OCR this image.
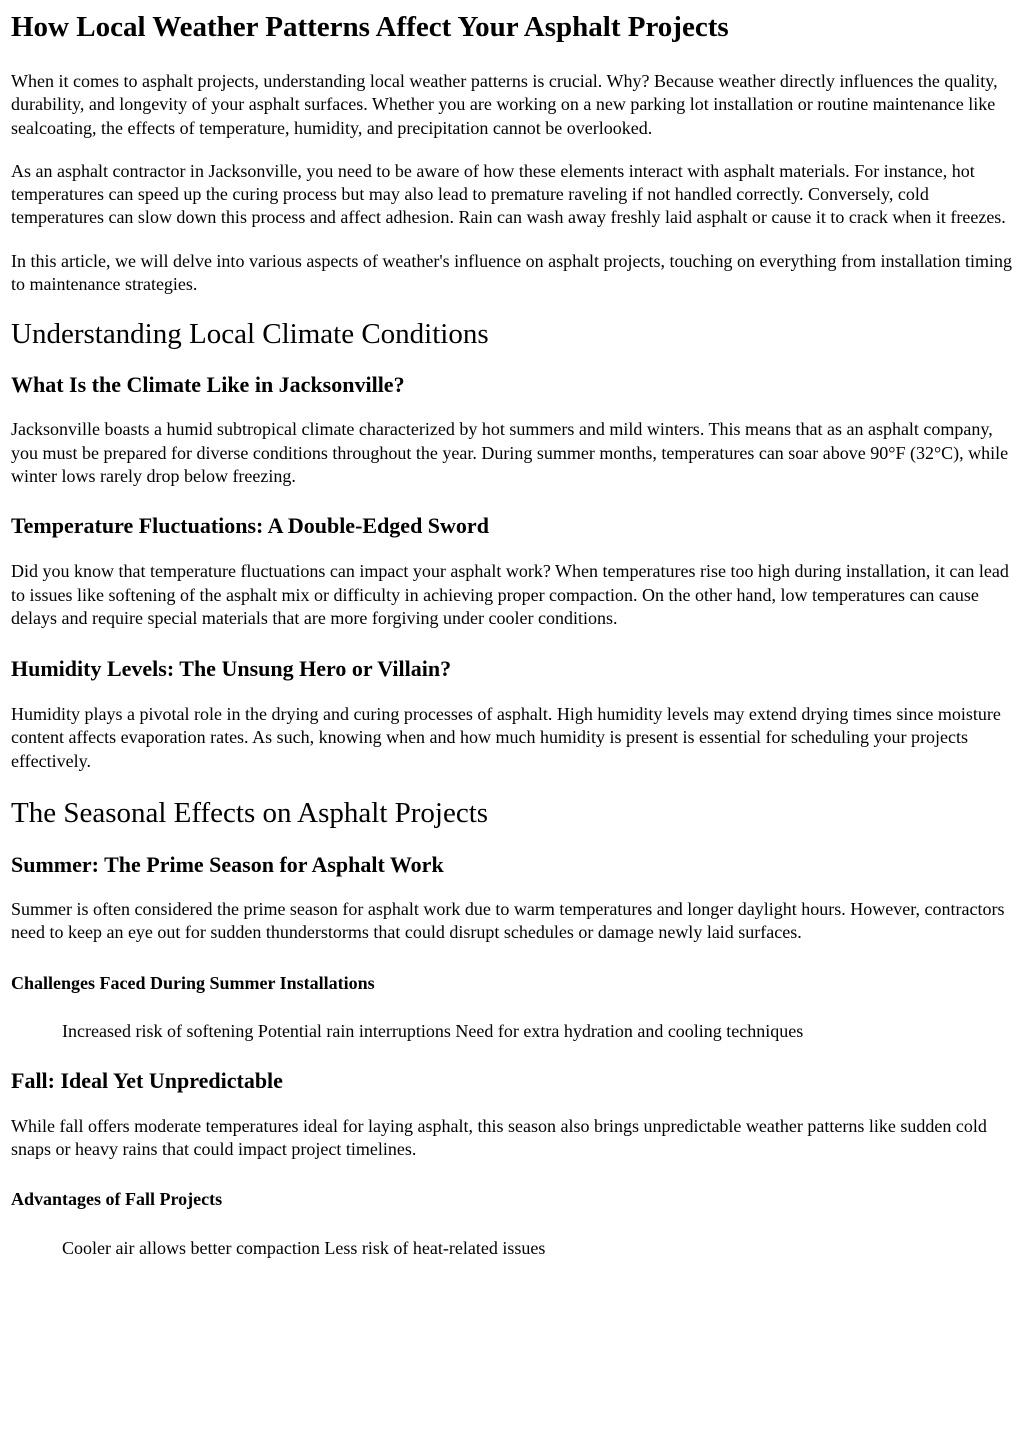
How Local Weather Patterns Affect Your Asphalt Projects

When it comes to asphalt projects, understanding local weather patterns is crucial. Why? Because weather directly influences the quality, durability, and longevity of your asphalt surfaces. Whether you are working on a new parking lot installation or routine maintenance like sealcoating, the effects of temperature, humidity, and precipitation cannot be overlooked.

As an asphalt contractor in Jacksonville, you need to be aware of how these elements interact with asphalt materials. For instance, hot temperatures can speed up the curing process but may also lead to premature raveling if not handled correctly. Conversely, cold temperatures can slow down this process and affect adhesion. Rain can wash away freshly laid asphalt or cause it to crack when it freezes.

In this article, we will delve into various aspects of weather's influence on asphalt projects, touching on everything from installation timing to maintenance strategies.

Understanding Local Climate Conditions
What Is the Climate Like in Jacksonville?

Jacksonville boasts a humid subtropical climate characterized by hot summers and mild winters. This means that as an asphalt company, you must be prepared for diverse conditions throughout the year. During summer months, temperatures can soar above 90°F (32°C), while winter lows rarely drop below freezing.

Temperature Fluctuations: A Double-Edged Sword

Did you know that temperature fluctuations can impact your asphalt work? When temperatures rise too high during installation, it can lead to issues like softening of the asphalt mix or difficulty in achieving proper compaction. On the other hand, low temperatures can cause delays and require special materials that are more forgiving under cooler conditions.

Humidity Levels: The Unsung Hero or Villain?

Humidity plays a pivotal role in the drying and curing processes of asphalt. High humidity levels may extend drying times since moisture content affects evaporation rates. As such, knowing when and how much humidity is present is essential for scheduling your projects effectively.

The Seasonal Effects on Asphalt Projects
Summer: The Prime Season for Asphalt Work

Summer is often considered the prime season for asphalt work due to warm temperatures and longer daylight hours. However, contractors need to keep an eye out for sudden thunderstorms that could disrupt schedules or damage newly laid surfaces.

Challenges Faced During Summer Installations
Increased risk of softening Potential rain interruptions Need for extra hydration and cooling techniques
Fall: Ideal Yet Unpredictable

While fall offers moderate temperatures ideal for laying asphalt, this season also brings unpredictable weather patterns like sudden cold snaps or heavy rains that could impact project timelines.

Advantages of Fall Projects
Cooler air allows better compaction Less risk of heat-related issues
